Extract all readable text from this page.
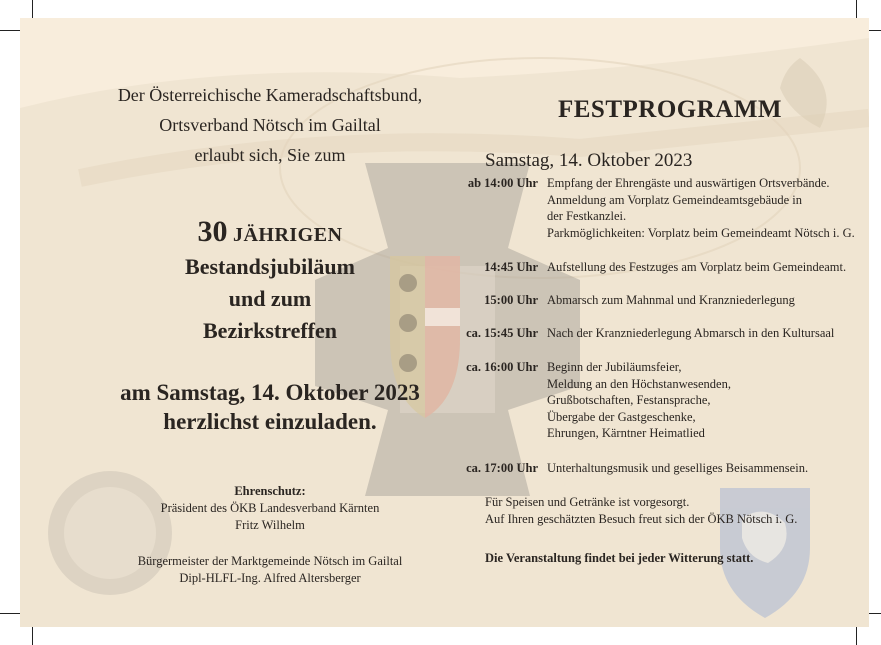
Der Österreichische Kameradschaftsbund,
Ortsverband Nötsch im Gailtal
erlaubt sich, Sie zum
30 JÄHRIGEN
Bestandsjubiläum
und zum
Bezirkstreffen
am Samstag, 14. Oktober 2023
herzlichst einzuladen.
Ehrenschutz:
Präsident des ÖKB Landesverband Kärnten
Fritz Wilhelm
Bürgermeister der Marktgemeinde Nötsch im Gailtal
Dipl-HLFL-Ing. Alfred Altersberger
FESTPROGRAMM
Samstag, 14. Oktober 2023
ab 14:00 Uhr Empfang der Ehrengäste und auswärtigen Ortsverbände.
Anmeldung am Vorplatz Gemeindeamtsgebäude in
der Festkanzlei.
Parkmöglichkeiten: Vorplatz beim Gemeindeamt Nötsch i. G.
14:45 Uhr Aufstellung des Festzuges am Vorplatz beim Gemeindeamt.
15:00 Uhr Abmarsch zum Mahnmal und Kranzniederlegung
ca. 15:45 Uhr Nach der Kranzniederlegung Abmarsch in den Kultursaal
ca. 16:00 Uhr Beginn der Jubiläumsfeier,
Meldung an den Höchstanwesenden,
Grußbotschaften, Festansprache,
Übergabe der Gastgeschenke,
Ehrungen, Kärntner Heimatlied
ca. 17:00 Uhr Unterhaltungsmusik und geselliges Beisammensein.
Für Speisen und Getränke ist vorgesorgt.
Auf Ihren geschätzten Besuch freut sich der ÖKB Nötsch i. G.
Die Veranstaltung findet bei jeder Witterung statt.
